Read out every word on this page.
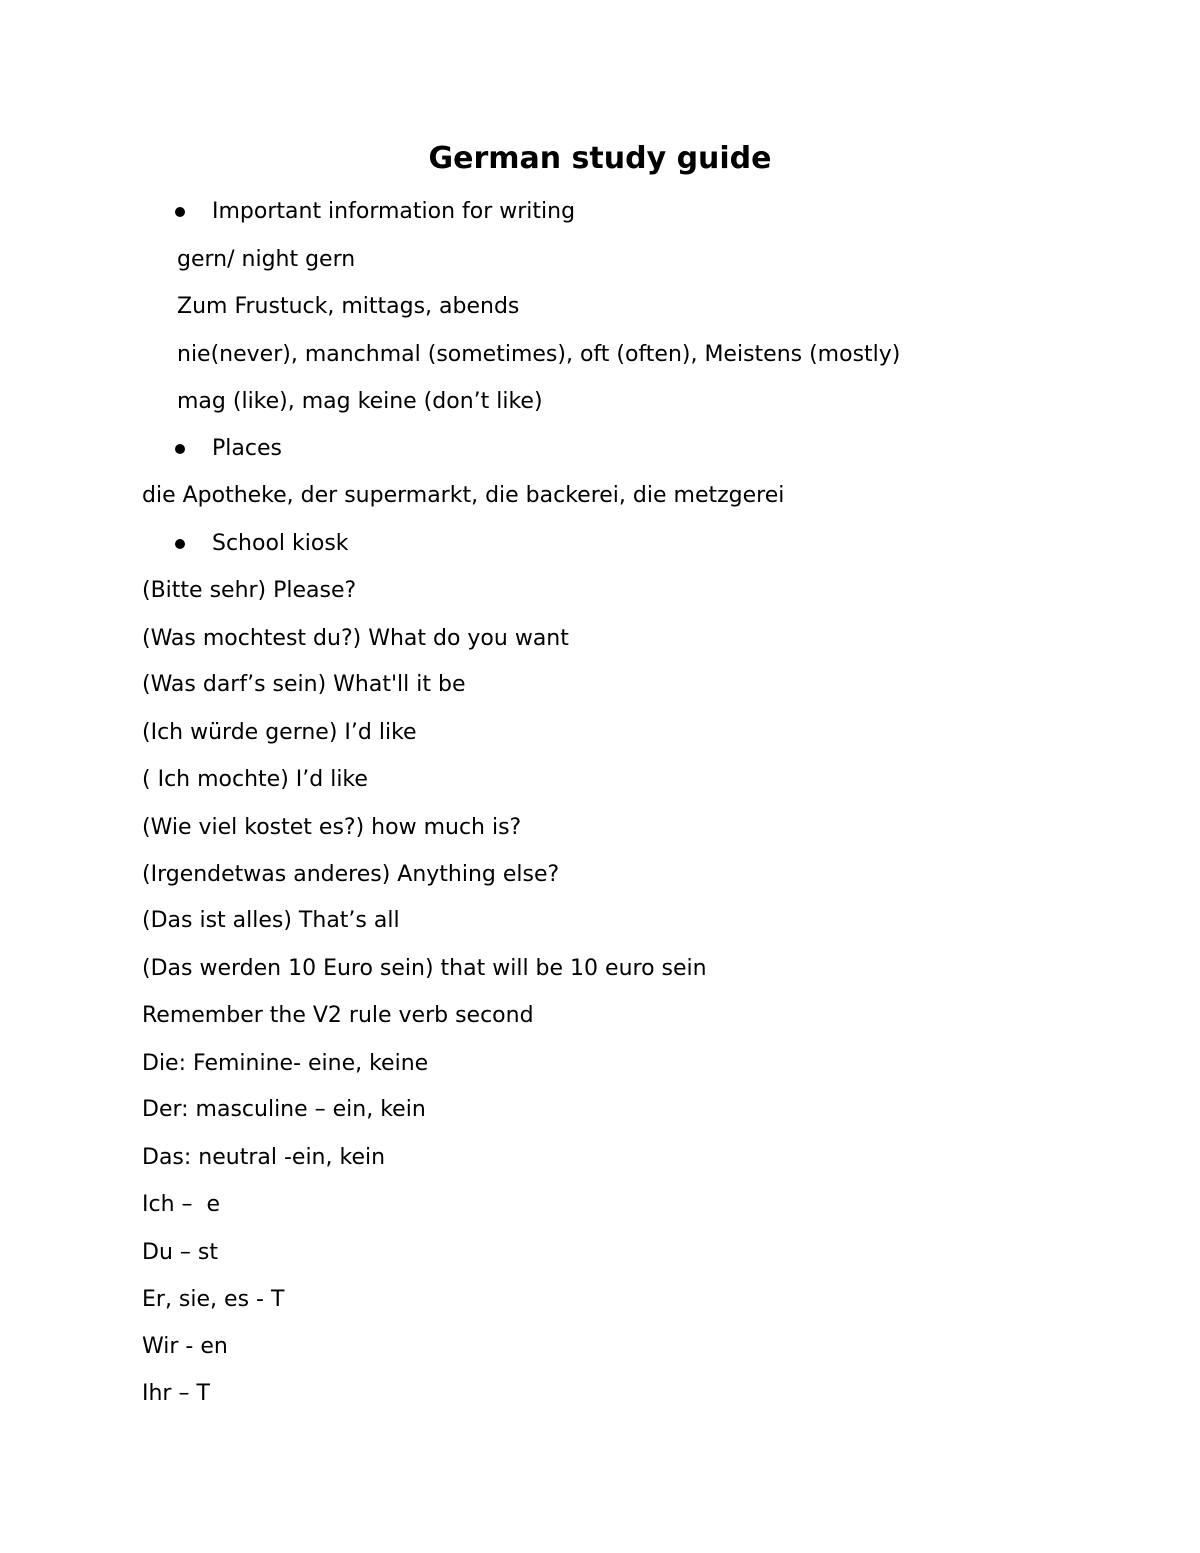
German study guide

Important information for writing

gern/ night gern

Zum Frustuck, mittags, abends

nie(never), manchmal (sometimes), oft (often), Meistens (mostly)

mag (like), mag keine (don’t like)

Places

die Apotheke, der supermarkt, die backerei, die metzgerei

School kiosk

(Bitte sehr) Please?

(Was mochtest du?) What do you want

(Was darf’s sein) What'll it be

(Ich würde gerne) I’d like

( Ich mochte) I’d like

(Wie viel kostet es?) how much is?

(Irgendetwas anderes) Anything else?

(Das ist alles) That’s all

(Das werden 10 Euro sein) that will be 10 euro sein

Remember the V2 rule verb second

Die: Feminine- eine, keine

Der: masculine – ein, kein

Das: neutral -ein, kein

Ich –  e

Du – st

Er, sie, es - T

Wir - en

Ihr – T
